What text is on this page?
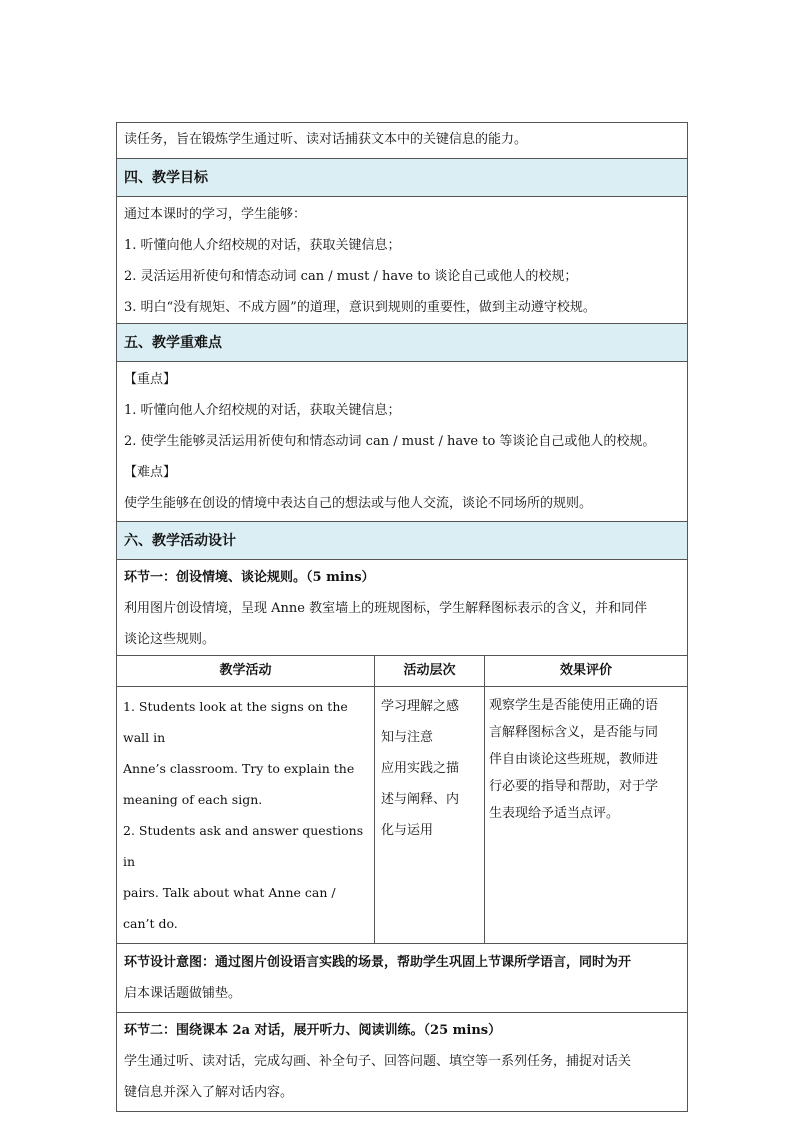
读任务，旨在锻炼学生通过听、读对话捕获文本中的关键信息的能力。
四、教学目标
通过本课时的学习，学生能够：
1. 听懂向他人介绍校规的对话，获取关键信息；
2. 灵活运用祈使句和情态动词 can / must / have to 谈论自己或他人的校规；
3. 明白“没有规矩、不成方圆”的道理，意识到规则的重要性，做到主动遵守校规。
五、教学重难点
【重点】
1. 听懂向他人介绍校规的对话，获取关键信息；
2. 使学生能够灵活运用祈使句和情态动词 can / must / have to 等谈论自己或他人的校规。
【难点】
使学生能够在创设的情境中表达自己的想法或与他人交流，谈论不同场所的规则。
六、教学活动设计
环节一：创设情境、谈论规则。（5 mins）
利用图片创设情境，呈现 Anne 教室墙上的班规图标，学生解释图标表示的含义，并和同伴
谈论这些规则。
教学活动	活动层次	效果评价
1. Students look at the signs on the wall in
Anne’s classroom. Try to explain the
meaning of each sign.
2. Students ask and answer questions in
pairs. Talk about what Anne can / can’t do.
学习理解之感
知与注意
应用实践之描
述与阐释、内
化与运用
观察学生是否能使用正确的语
言解释图标含义，是否能与同
伴自由谈论这些班规，教师进
行必要的指导和帮助，对于学
生表现给予适当点评。
环节设计意图：通过图片创设语言实践的场景，帮助学生巩固上节课所学语言，同时为开
启本课话题做铺垫。
环节二：围绕课本 2a 对话，展开听力、阅读训练。（25 mins）
学生通过听、读对话，完成勾画、补全句子、回答问题、填空等一系列任务，捕捉对话关
键信息并深入了解对话内容。
